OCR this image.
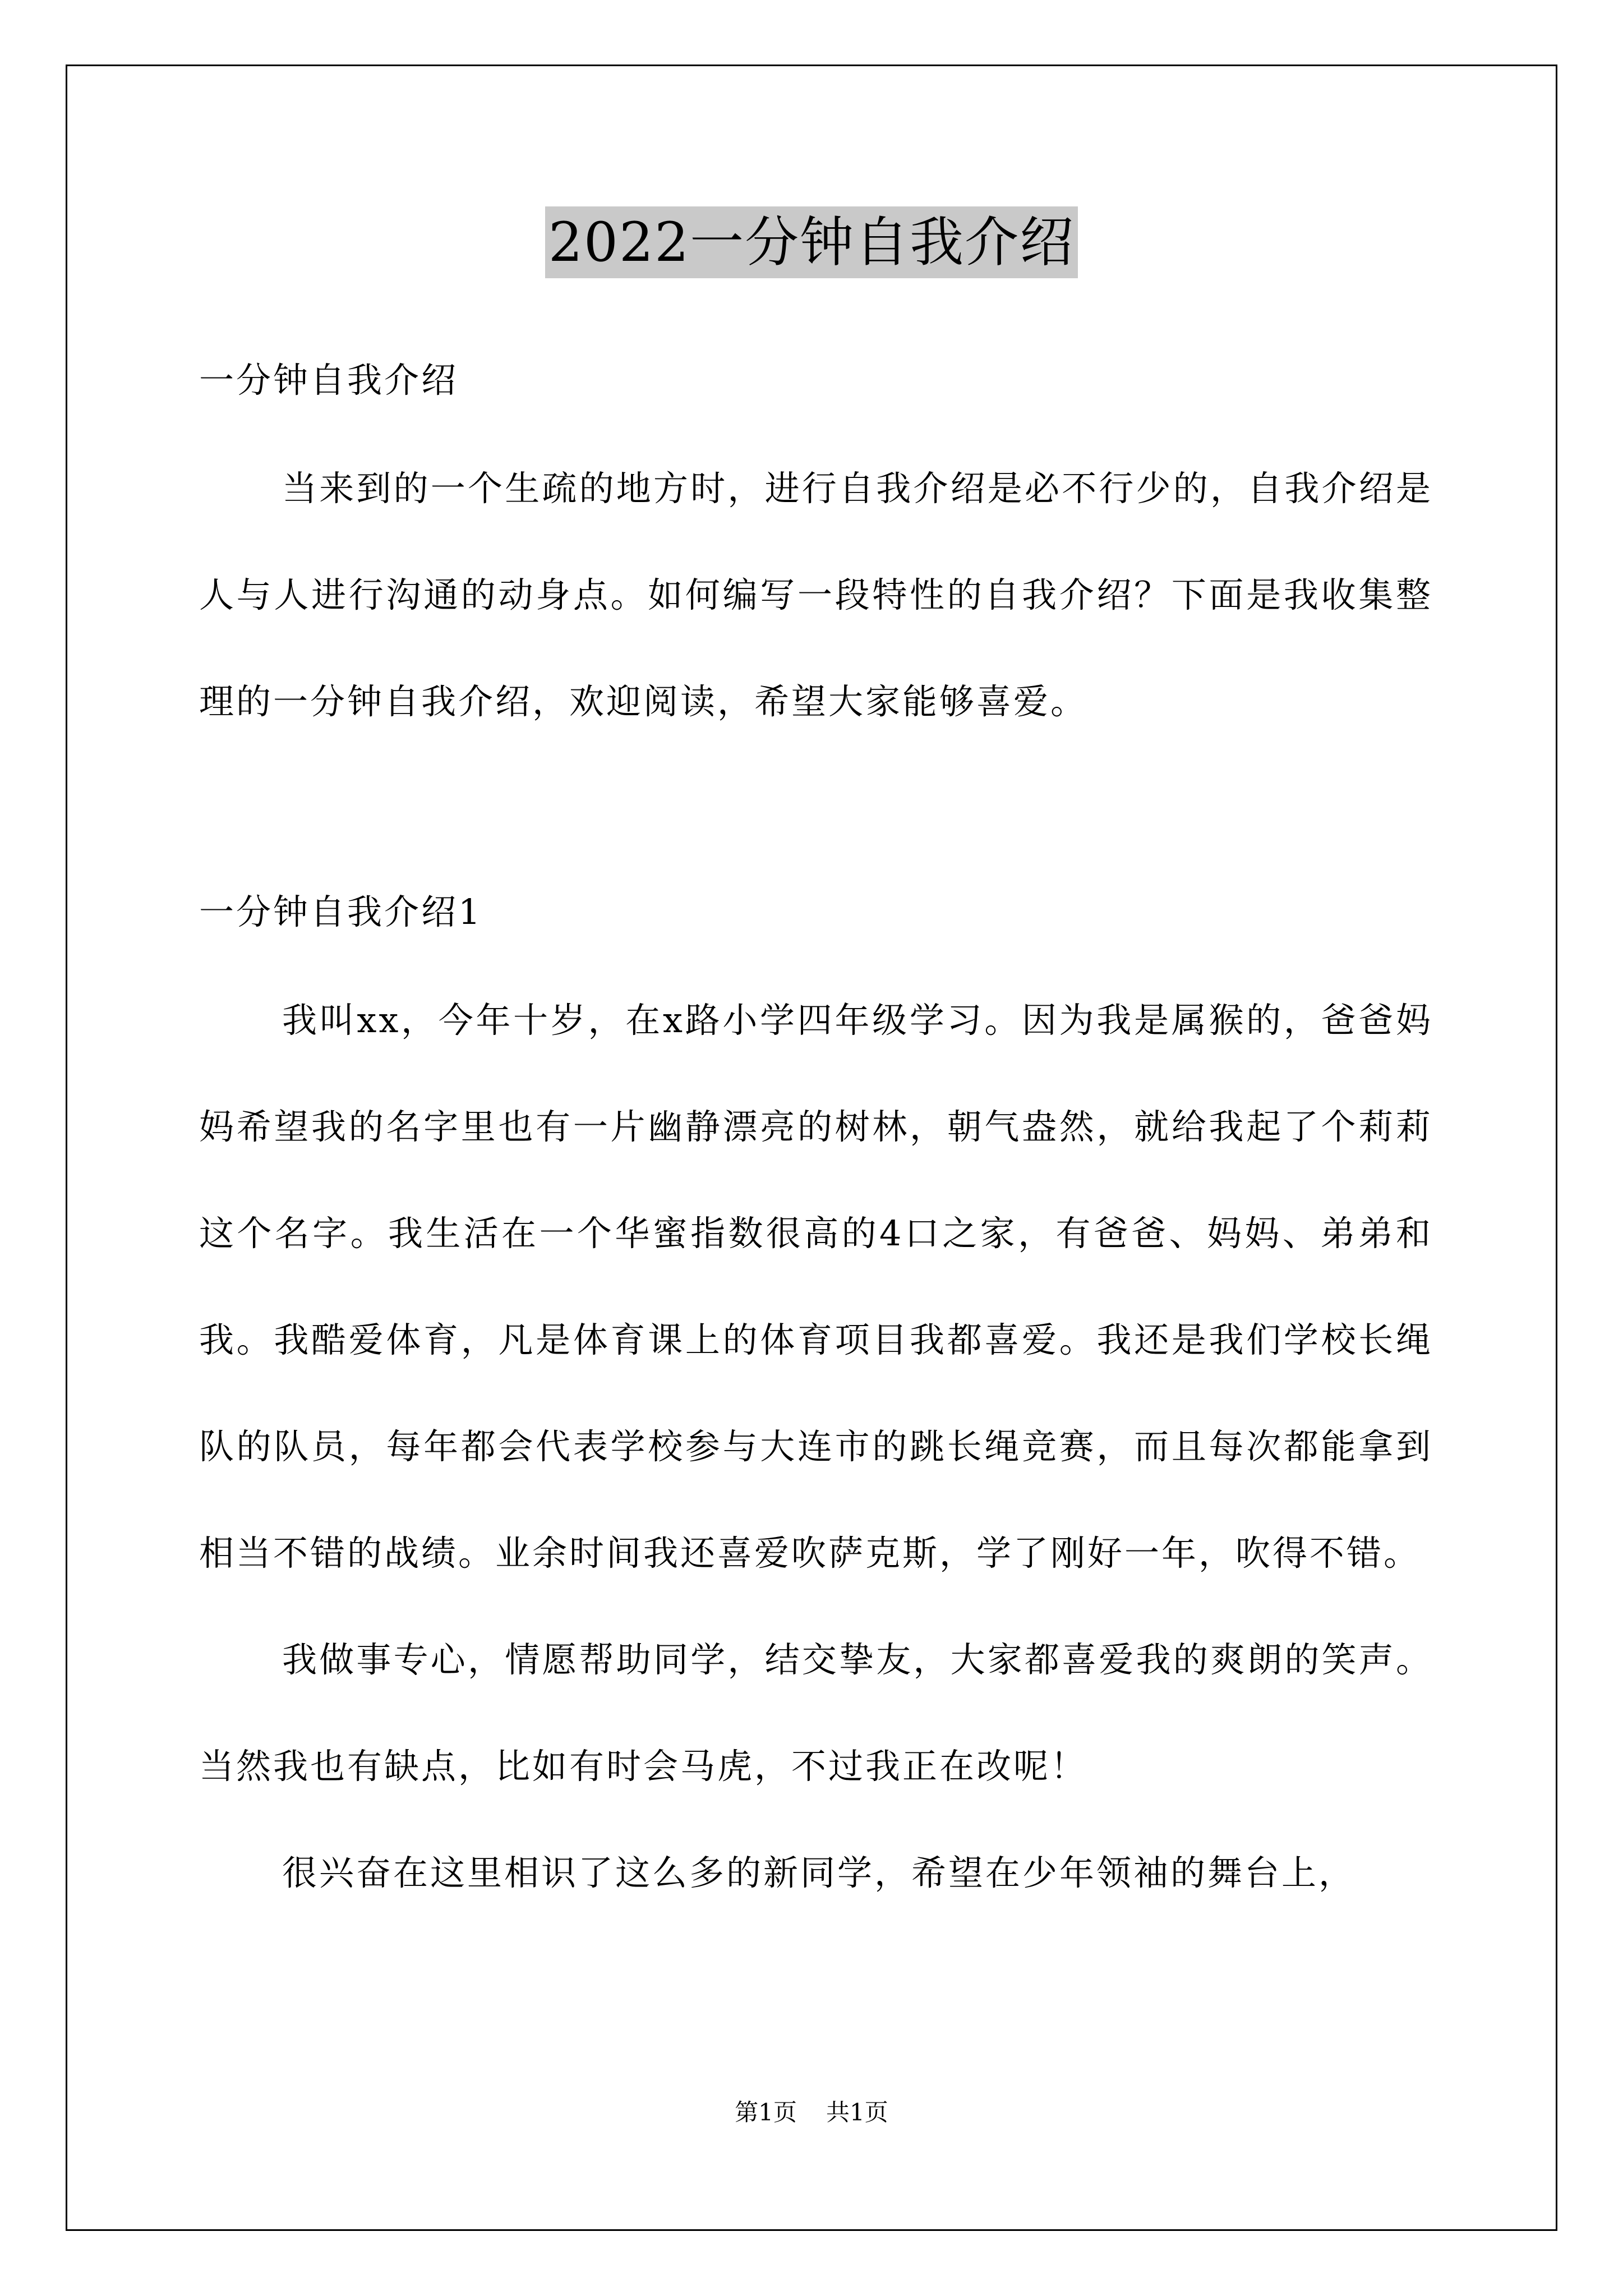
2022一分钟自我介绍
一分钟自我介绍

当来到的一个生疏的地方时，进行自我介绍是必不行少的，自我介绍是人与人进行沟通的动身点。如何编写一段特性的自我介绍？下面是我收集整理的一分钟自我介绍，欢迎阅读，希望大家能够喜爱。

一分钟自我介绍1

我叫xx，今年十岁，在x路小学四年级学习。因为我是属猴的，爸爸妈妈希望我的名字里也有一片幽静漂亮的树林，朝气盎然，就给我起了个莉莉这个名字。我生活在一个华蜜指数很高的4口之家，有爸爸、妈妈、弟弟和我。我酷爱体育，凡是体育课上的体育项目我都喜爱。我还是我们学校长绳队的队员，每年都会代表学校参与大连市的跳长绳竞赛，而且每次都能拿到相当不错的战绩。业余时间我还喜爱吹萨克斯，学了刚好一年，吹得不错。

我做事专心，情愿帮助同学，结交挚友，大家都喜爱我的爽朗的笑声。当然我也有缺点，比如有时会马虎，不过我正在改呢！

很兴奋在这里相识了这么多的新同学，希望在少年领袖的舞台上，

第1页 共1页
